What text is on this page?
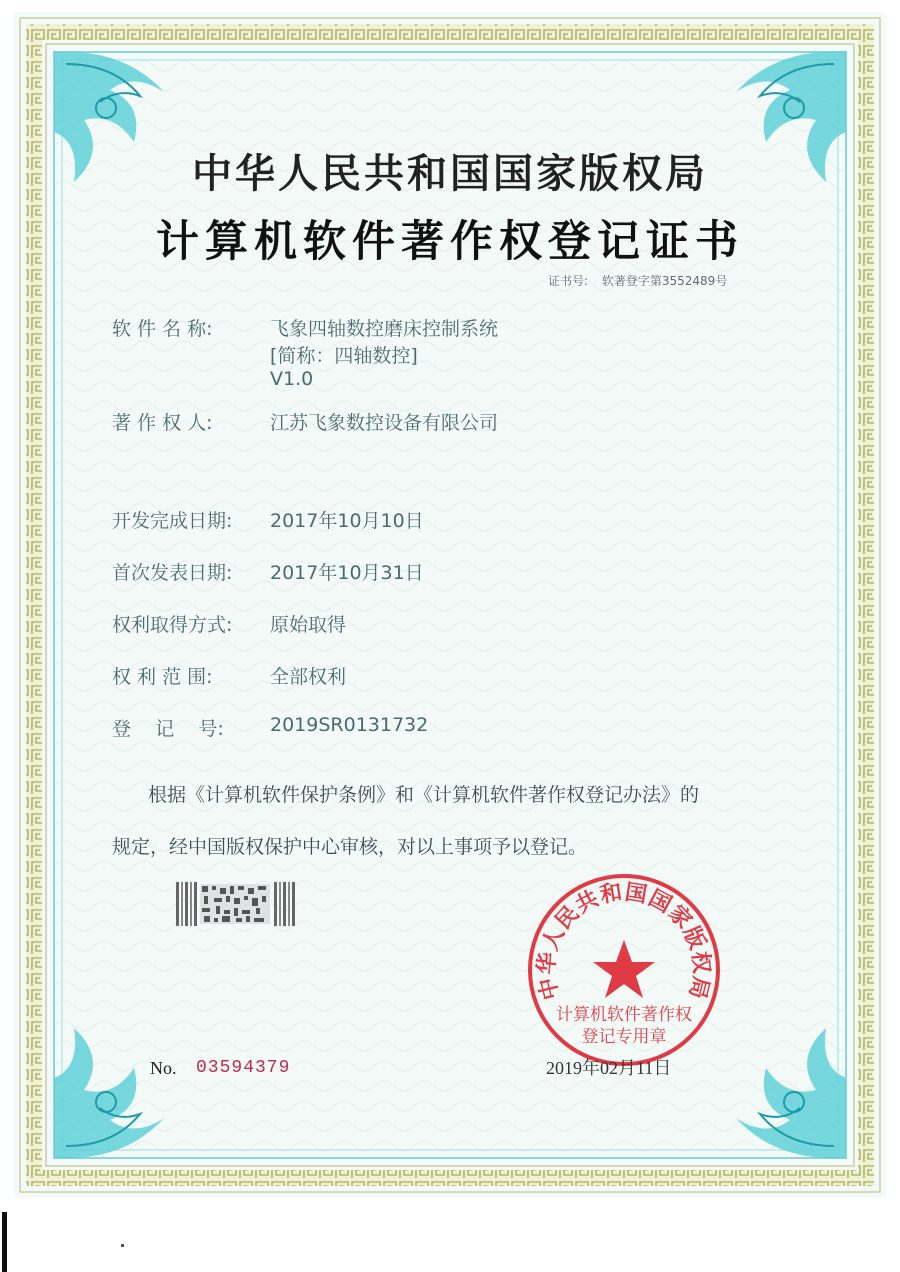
中华人民共和国国家版权局
计算机软件著作权登记证书
证书号: 软著登字第3552489号
软 件 名 称:	飞象四轴数控磨床控制系统
[简称：四轴数控]
V1.0
著 作 权 人:	江苏飞象数控设备有限公司
开发完成日期: 2017年10月10日
首次发表日期: 2017年10月31日
权利取得方式: 原始取得
权 利 范 围:	全部权利
登    记    号: 2019SR0131732
根据《计算机软件保护条例》和《计算机软件著作权登记办法》的
规定，经中国版权保护中心审核，对以上事项予以登记。
中华人民共和国国家版权局
计算机软件著作权
登记专用章
No. 03594379	2019年02月11日
